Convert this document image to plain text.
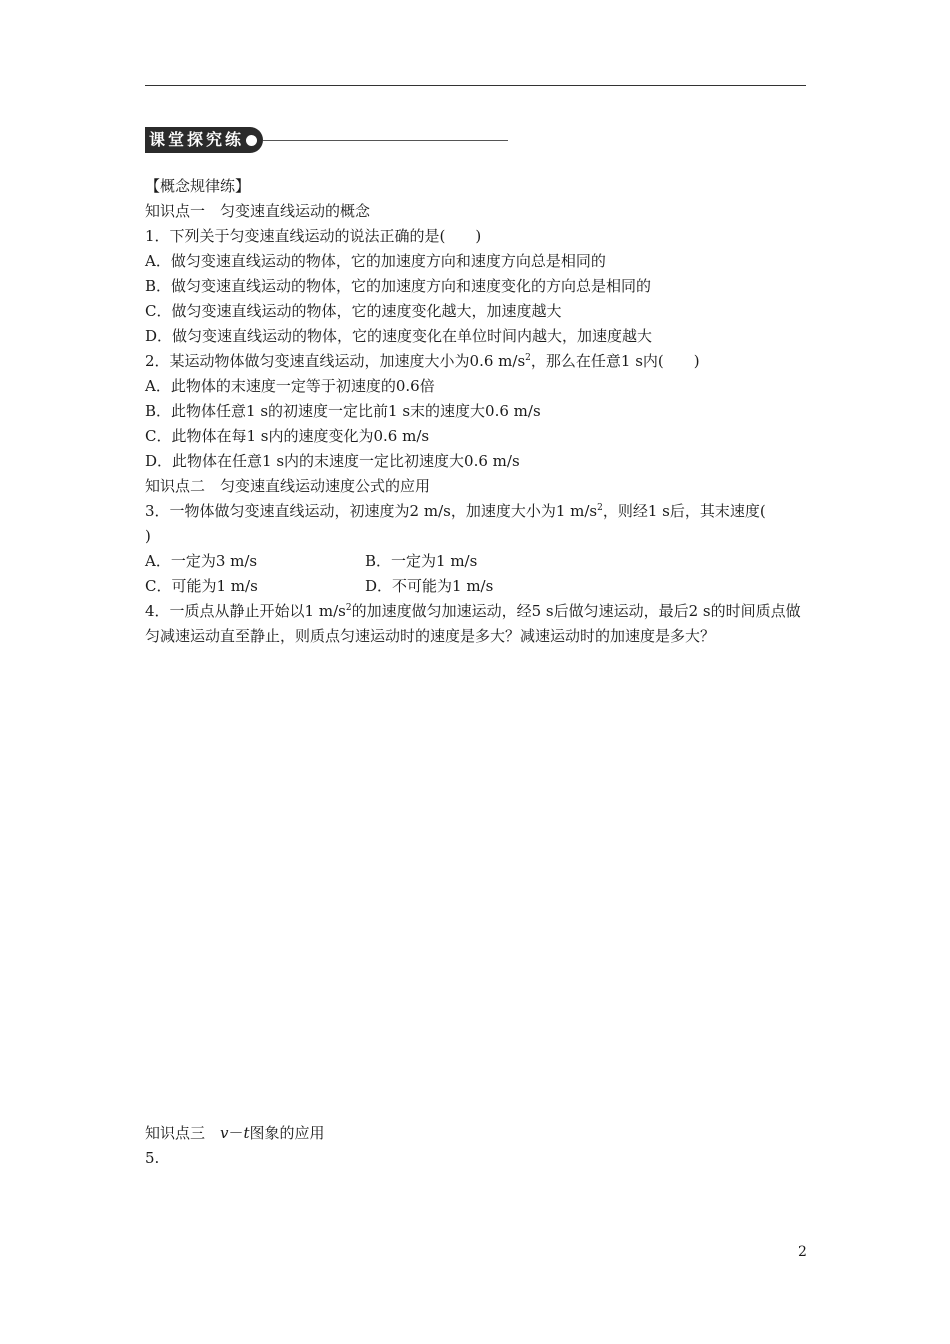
课堂探究练
【概念规律练】
知识点一　匀变速直线运动的概念
1．下列关于匀变速直线运动的说法正确的是(　　)
A．做匀变速直线运动的物体，它的加速度方向和速度方向总是相同的
B．做匀变速直线运动的物体，它的加速度方向和速度变化的方向总是相同的
C．做匀变速直线运动的物体，它的速度变化越大，加速度越大
D．做匀变速直线运动的物体，它的速度变化在单位时间内越大，加速度越大
2．某运动物体做匀变速直线运动，加速度大小为0.6 $m/s^2$，那么在任意1 s内(　　)
A．此物体的末速度一定等于初速度的0.6倍
B．此物体任意1 s的初速度一定比前1 s末的速度大0.6 m/s
C．此物体在每1 s内的速度变化为0.6 m/s
D．此物体在任意1 s内的末速度一定比初速度大0.6 m/s
知识点二　匀变速直线运动速度公式的应用
3．一物体做匀变速直线运动，初速度为2 m/s，加速度大小为1 $m/s^2$，则经1 s后，其末速度(
)
A．一定为3 m/s	B．一定为1 m/s
C．可能为1 m/s	D．不可能为1 m/s
4．一质点从静止开始以1 $m/s^2$的加速度做匀加速运动，经5 s后做匀速运动，最后2 s的时间质点做匀减速运动直至静止，则质点匀速运动时的速度是多大？减速运动时的加速度是多大？
知识点三　v－t图象的应用
5.
2
